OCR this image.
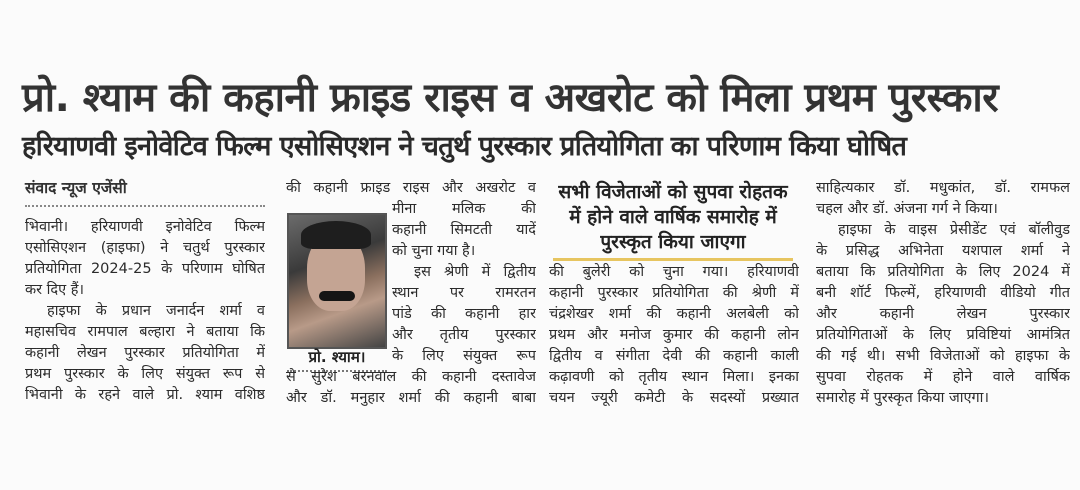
प्रो. श्याम की कहानी फ्राइड राइस व अखरोट को मिला प्रथम पुरस्कार
हरियाणवी इनोवेटिव फिल्म एसोसिएशन ने चतुर्थ पुरस्कार प्रतियोगिता का परिणाम किया घोषित
संवाद न्यूज एजेंसी
भिवानी। हरियाणवी इनोवेटिव फिल्म
एसोसिएशन (हाइफा) ने चतुर्थ पुरस्कार
प्रतियोगिता 2024-25 के परिणाम घोषित
कर दिए हैं।
हाइफा के प्रधान जनार्दन शर्मा व
महासचिव रामपाल बल्हारा ने बताया कि
कहानी लेखन पुरस्कार प्रतियोगिता में
प्रथम पुरस्कार के लिए संयुक्त रूप से
भिवानी के रहने वाले प्रो. श्याम वशिष्ठ
की कहानी फ्राइड राइस और अखरोट व
प्रो. श्याम।
मीना मलिक की
कहानी सिमटती यादें
को चुना गया है।
इस श्रेणी में द्वितीय
स्थान पर रामरतन
पांडे की कहानी हार
और तृतीय पुरस्कार
के लिए संयुक्त रूप
से सुरेश बरनवाल की कहानी दस्तावेज
और डॉ. मनुहार शर्मा की कहानी बाबा
सभी विजेताओं को सुपवा रोहतक
में होने वाले वार्षिक समारोह में
पुरस्कृत किया जाएगा
की बुलेरी को चुना गया। हरियाणवी
कहानी पुरस्कार प्रतियोगिता की श्रेणी में
चंद्रशेखर शर्मा की कहानी अलबेली को
प्रथम और मनोज कुमार की कहानी लोन
द्वितीय व संगीता देवी की कहानी काली
कढ़ावणी को तृतीय स्थान मिला। इनका
चयन ज्यूरी कमेटी के सदस्यों प्रख्यात
साहित्यकार डॉ. मधुकांत, डॉ. रामफल
चहल और डॉ. अंजना गर्ग ने किया।
हाइफा के वाइस प्रेसीडेंट एवं बॉलीवुड
के प्रसिद्ध अभिनेता यशपाल शर्मा ने
बताया कि प्रतियोगिता के लिए 2024 में
बनी शॉर्ट फिल्में, हरियाणवी वीडियो गीत
और कहानी लेखन पुरस्कार
प्रतियोगिताओं के लिए प्रविष्टियां आमंत्रित
की गई थी। सभी विजेताओं को हाइफा के
सुपवा रोहतक में होने वाले वार्षिक
समारोह में पुरस्कृत किया जाएगा।
